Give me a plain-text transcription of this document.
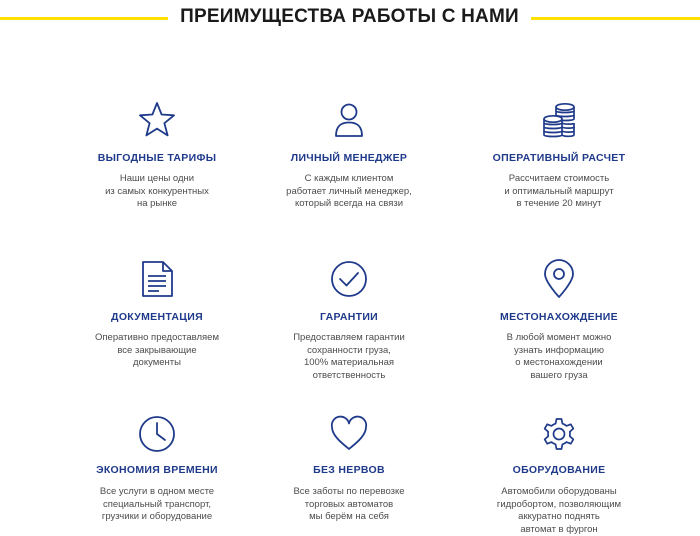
ПРЕИМУЩЕСТВА РАБОТЫ С НАМИ
ВЫГОДНЫЕ ТАРИФЫ
Наши цены одни
из самых конкурентных
на рынке
ЛИЧНЫЙ МЕНЕДЖЕР
С каждым клиентом
работает личный менеджер,
который всегда на связи
ОПЕРАТИВНЫЙ РАСЧЕТ
Рассчитаем стоимость
и оптимальный маршрут
в течение 20 минут
ДОКУМЕНТАЦИЯ
Оперативно предоставляем
все закрывающие
документы
ГАРАНТИИ
Предоставляем гарантии
сохранности груза,
100% материальная
ответственность
МЕСТОНАХОЖДЕНИЕ
В любой момент можно
узнать информацию
о местонахождении
вашего груза
ЭКОНОМИЯ ВРЕМЕНИ
Все услуги в одном месте
специальный транспорт,
грузчики и оборудование
БЕЗ НЕРВОВ
Все заботы по перевозке
торговых автоматов
мы берём на себя
ОБОРУДОВАНИЕ
Автомобили оборудованы
гидробортом, позволяющим
аккуратно поднять
автомат в фургон
